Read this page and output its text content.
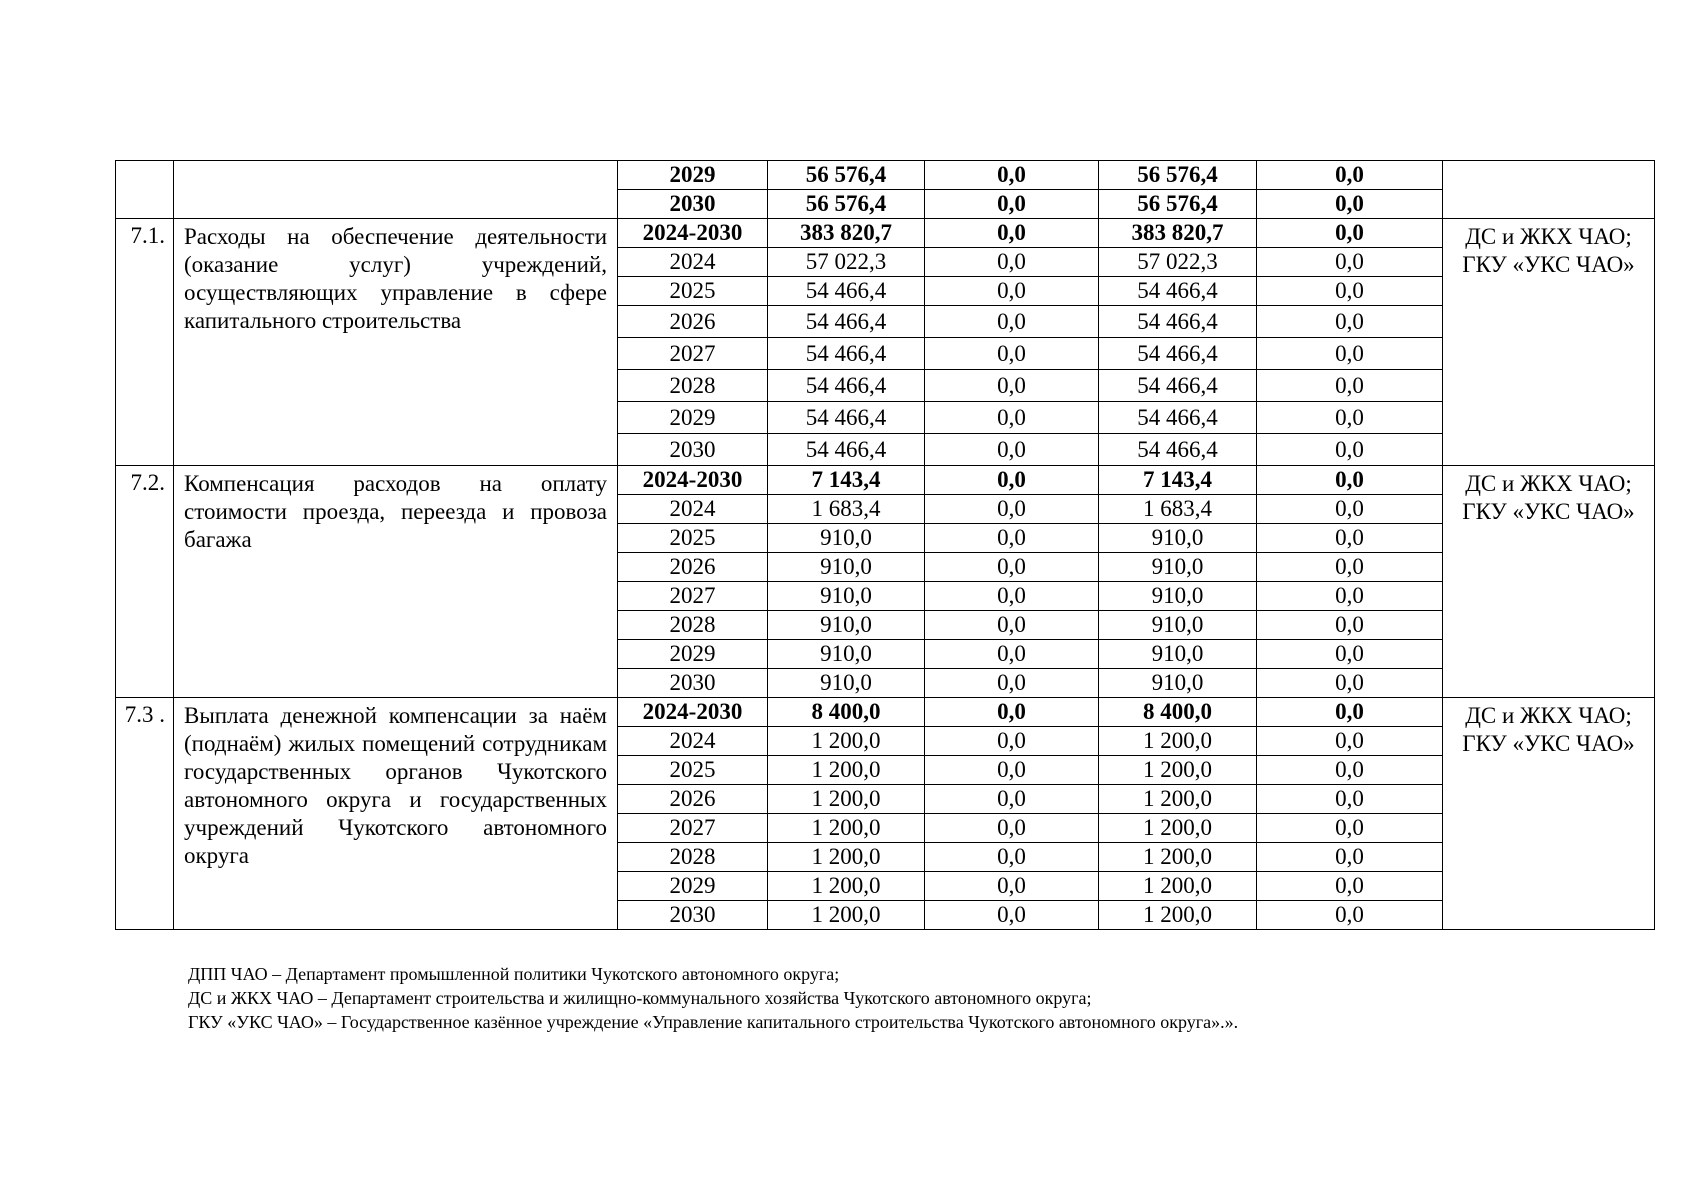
		2029	56 576,4	0,0	56 576,4	0,0	
		2030	56 576,4	0,0	56 576,4	0,0	
7.1.	Расходы на обеспечение деятельности (оказание услуг) учреждений, осуществляющих управление в сфере капитального строительства	2024-2030	383 820,7	0,0	383 820,7	0,0	ДС и ЖКХ ЧАО; ГКУ «УКС ЧАО»
		2024	57 022,3	0,0	57 022,3	0,0	
		2025	54 466,4	0,0	54 466,4	0,0	
		2026	54 466,4	0,0	54 466,4	0,0	
		2027	54 466,4	0,0	54 466,4	0,0	
		2028	54 466,4	0,0	54 466,4	0,0	
		2029	54 466,4	0,0	54 466,4	0,0	
		2030	54 466,4	0,0	54 466,4	0,0	
7.2.	Компенсация расходов на оплату стоимости проезда, переезда и провоза багажа	2024-2030	7 143,4	0,0	7 143,4	0,0	ДС и ЖКХ ЧАО; ГКУ «УКС ЧАО»
		2024	1 683,4	0,0	1 683,4	0,0	
		2025	910,0	0,0	910,0	0,0	
		2026	910,0	0,0	910,0	0,0	
		2027	910,0	0,0	910,0	0,0	
		2028	910,0	0,0	910,0	0,0	
		2029	910,0	0,0	910,0	0,0	
		2030	910,0	0,0	910,0	0,0	
7.3 .	Выплата денежной компенсации за наём (поднаём) жилых помещений сотрудникам государственных органов Чукотского автономного округа и государственных учреждений Чукотского автономного округа	2024-2030	8 400,0	0,0	8 400,0	0,0	ДС и ЖКХ ЧАО; ГКУ «УКС ЧАО»
		2024	1 200,0	0,0	1 200,0	0,0	
		2025	1 200,0	0,0	1 200,0	0,0	
		2026	1 200,0	0,0	1 200,0	0,0	
		2027	1 200,0	0,0	1 200,0	0,0	
		2028	1 200,0	0,0	1 200,0	0,0	
		2029	1 200,0	0,0	1 200,0	0,0	
		2030	1 200,0	0,0	1 200,0	0,0	
ДПП ЧАО – Департамент промышленной политики Чукотского автономного округа;
ДС и ЖКХ ЧАО – Департамент строительства и жилищно-коммунального хозяйства Чукотского автономного округа;
ГКУ «УКС ЧАО» – Государственное казённое учреждение «Управление капитального строительства Чукотского автономного округа».».
